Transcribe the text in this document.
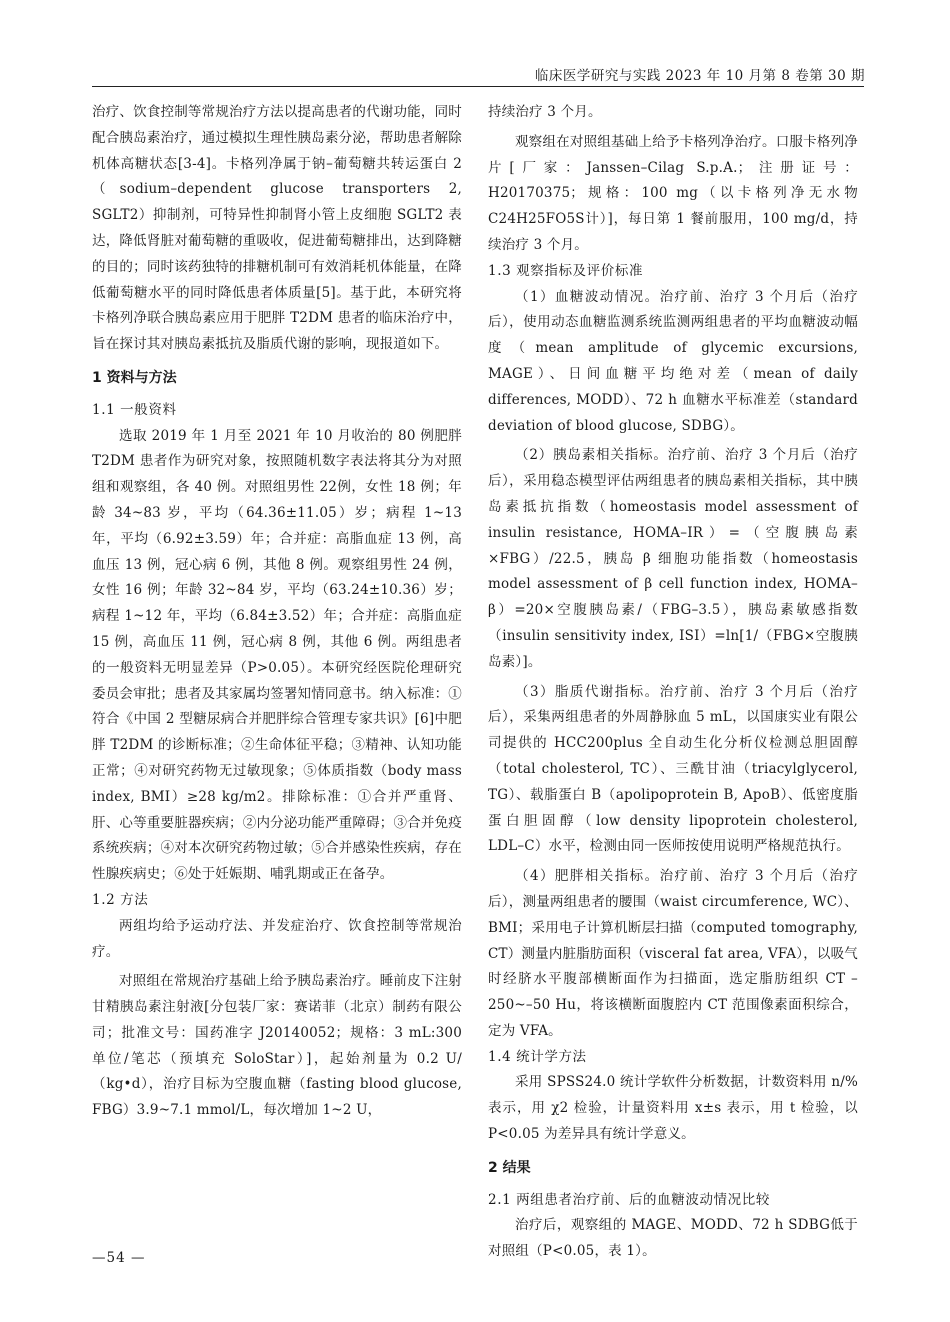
临床医学研究与实践 2023 年 10 月第 8 卷第 30 期

治疗、饮食控制等常规治疗方法以提高患者的代谢功能，同时配合胰岛素治疗，通过模拟生理性胰岛素分泌，帮助患者解除机体高糖状态[3-4]。卡格列净属于钠–葡萄糖共转运蛋白 2（sodium–dependent glucose transporters 2, SGLT2）抑制剂，可特异性抑制肾小管上皮细胞 SGLT2 表达，降低肾脏对葡萄糖的重吸收，促进葡萄糖排出，达到降糖的目的；同时该药独特的排糖机制可有效消耗机体能量，在降低葡萄糖水平的同时降低患者体质量[5]。基于此，本研究将卡格列净联合胰岛素应用于肥胖 T2DM 患者的临床治疗中，旨在探讨其对胰岛素抵抗及脂质代谢的影响，现报道如下。

1 资料与方法
1.1 一般资料

选取 2019 年 1 月至 2021 年 10 月收治的 80 例肥胖 T2DM 患者作为研究对象，按照随机数字表法将其分为对照组和观察组，各 40 例。对照组男性 22例，女性 18 例；年龄 34~83 岁，平均（64.36±11.05）岁；病程 1~13 年，平均（6.92±3.59）年；合并症：高脂血症 13 例，高血压 13 例，冠心病 6 例，其他 8 例。观察组男性 24 例，女性 16 例；年龄 32~84 岁，平均（63.24±10.36）岁；病程 1~12 年，平均（6.84±3.52）年；合并症：高脂血症 15 例，高血压 11 例，冠心病 8 例，其他 6 例。两组患者的一般资料无明显差异（P>0.05）。本研究经医院伦理研究委员会审批；患者及其家属均签署知情同意书。纳入标准：①符合《中国 2 型糖尿病合并肥胖综合管理专家共识》[6]中肥胖 T2DM 的诊断标准；②生命体征平稳；③精神、认知功能正常；④对研究药物无过敏现象；⑤体质指数（body mass index, BMI）≥28 kg/m2。排除标准：①合并严重肾、肝、心等重要脏器疾病；②内分泌功能严重障碍；③合并免疫系统疾病；④对本次研究药物过敏；⑤合并感染性疾病，存在性腺疾病史；⑥处于妊娠期、哺乳期或正在备孕。

1.2 方法

两组均给予运动疗法、并发症治疗、饮食控制等常规治疗。

对照组在常规治疗基础上给予胰岛素治疗。睡前皮下注射甘精胰岛素注射液[分包装厂家：赛诺菲（北京）制药有限公司；批准文号：国药准字 J20140052；规格：3 mL:300 单位/笔芯（预填充 SoloStar）]，起始剂量为 0.2 U/（kg•d），治疗目标为空腹血糖（fasting blood glucose, FBG）3.9~7.1 mmol/L，每次增加 1~2 U，

持续治疗 3 个月。

观察组在对照组基础上给予卡格列净治疗。口服卡格列净片[厂家：Janssen–Cilag S.p.A.；注册证号：H20170375；规格：100 mg（以卡格列净无水物C24H25FO5S计）]，每日第 1 餐前服用，100 mg/d，持续治疗 3 个月。

1.3 观察指标及评价标准

（1）血糖波动情况。治疗前、治疗 3 个月后（治疗后），使用动态血糖监测系统监测两组患者的平均血糖波动幅度（mean amplitude of glycemic excursions, MAGE）、日间血糖平均绝对差（mean of daily differences, MODD）、72 h 血糖水平标准差（standard deviation of blood glucose, SDBG）。

（2）胰岛素相关指标。治疗前、治疗 3 个月后（治疗后），采用稳态模型评估两组患者的胰岛素相关指标，其中胰岛素抵抗指数（homeostasis model assessment of insulin resistance, HOMA–IR）=（空腹胰岛素×FBG）/22.5，胰岛 β 细胞功能指数（homeostasis model assessment of β cell function index, HOMA–β）=20×空腹胰岛素/（FBG–3.5），胰岛素敏感指数（insulin sensitivity index, ISI）=ln[1/（FBG×空腹胰岛素）]。

（3）脂质代谢指标。治疗前、治疗 3 个月后（治疗后），采集两组患者的外周静脉血 5 mL，以国康实业有限公司提供的 HCC200plus 全自动生化分析仪检测总胆固醇（total cholesterol, TC）、三酰甘油（triacylglycerol, TG）、载脂蛋白 B（apolipoprotein B, ApoB）、低密度脂蛋白胆固醇（low density lipoprotein cholesterol, LDL–C）水平，检测由同一医师按使用说明严格规范执行。

（4）肥胖相关指标。治疗前、治疗 3 个月后（治疗后），测量两组患者的腰围（waist circumference, WC）、BMI；采用电子计算机断层扫描（computed tomography, CT）测量内脏脂肪面积（visceral fat area, VFA），以吸气时经脐水平腹部横断面作为扫描面，选定脂肪组织 CT –250~–50 Hu，将该横断面腹腔内 CT 范围像素面积综合，定为 VFA。

1.4 统计学方法

采用 SPSS24.0 统计学软件分析数据，计数资料用 n/% 表示，用 χ2 检验，计量资料用 x±s 表示，用 t 检验，以 P<0.05 为差异具有统计学意义。

2 结果
2.1 两组患者治疗前、后的血糖波动情况比较

治疗后，观察组的 MAGE、MODD、72 h SDBG低于对照组（P<0.05，表 1）。

—54 —
